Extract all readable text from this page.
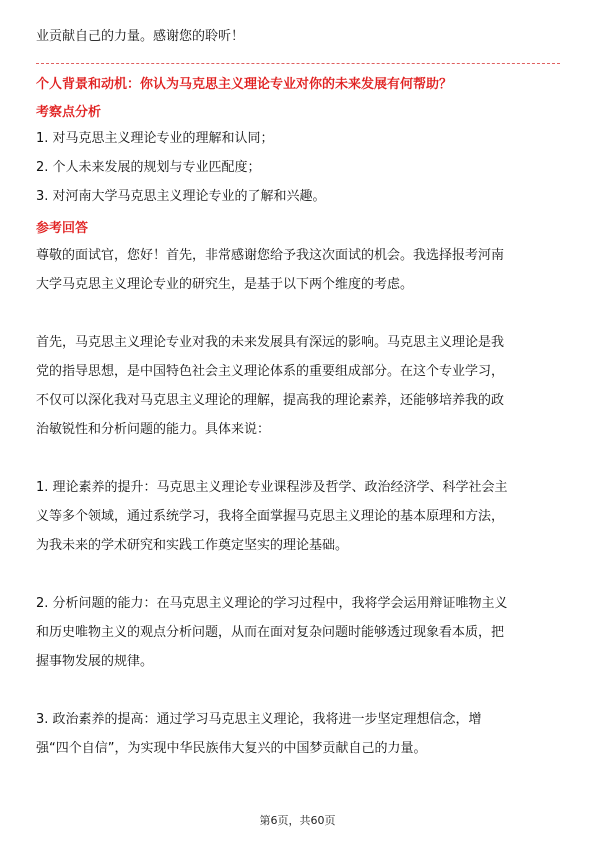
业贡献自己的力量。感谢您的聆听！
个人背景和动机：你认为马克思主义理论专业对你的未来发展有何帮助？
考察点分析
1. 对马克思主义理论专业的理解和认同；
2. 个人未来发展的规划与专业匹配度；
3. 对河南大学马克思主义理论专业的了解和兴趣。
参考回答
尊敬的面试官，您好！首先，非常感谢您给予我这次面试的机会。我选择报考河南
大学马克思主义理论专业的研究生，是基于以下两个维度的考虑。
首先，马克思主义理论专业对我的未来发展具有深远的影响。马克思主义理论是我
党的指导思想，是中国特色社会主义理论体系的重要组成部分。在这个专业学习，
不仅可以深化我对马克思主义理论的理解，提高我的理论素养，还能够培养我的政
治敏锐性和分析问题的能力。具体来说：
1. 理论素养的提升：马克思主义理论专业课程涉及哲学、政治经济学、科学社会主
义等多个领域，通过系统学习，我将全面掌握马克思主义理论的基本原理和方法，
为我未来的学术研究和实践工作奠定坚实的理论基础。
2. 分析问题的能力：在马克思主义理论的学习过程中，我将学会运用辩证唯物主义
和历史唯物主义的观点分析问题，从而在面对复杂问题时能够透过现象看本质，把
握事物发展的规律。
3. 政治素养的提高：通过学习马克思主义理论，我将进一步坚定理想信念，增
强“四个自信”，为实现中华民族伟大复兴的中国梦贡献自己的力量。
第6页，共60页
